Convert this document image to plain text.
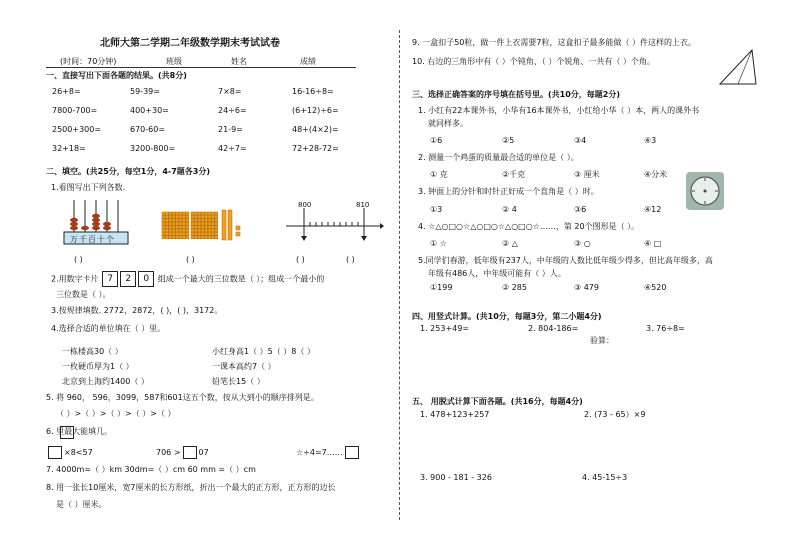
北师大第二学期二年级数学期末考试试卷
(时间：70分钟)	班级	姓名	成绩
一、直接写出下面各题的结果。(共8分)
26+8=	59-39=	7×8=	16-16÷8=
7800-700=	400+30=	24÷6=	(6+12)÷6=
2500+300=	670-60=	21-9=	48+(4×2)=
32+18=	3200-800=	42÷7=	72+28-72=
二、填空。(共25分，每空1分，4-7题各3分)
1.看图写出下列各数.
万千百十个
800	810
( )	( )	( )	( )
2.用数字卡片 7 2 0 组成一个最大的三位数是（ ）；组成一个最小的
三位数是（ ）。
3.按规律填数. 2772，2872，( )，( )，3172。
4.选择合适的单位填在（ ）里。
一栋楼高30（ ）	小红身高1（ ）5（ ）8（ ）
一枚硬币厚为1（ ）	一课本高约7（ ）
北京到上海约1400（ ）	铅笔长15（ ）
5. 将 960， 596，3099，587和601这五个数，按从大到小的顺序排列是。
（ ）>（ ）>（ ）>（ ）>（ ）
6. 里最大能填几。
×8<57	706 > 07	☆÷4=7……
7. 4000m=（ ）km 30dm=（ ）cm 60 mm =（ ）cm
8. 用一张长10厘米，宽7厘米的长方形纸，折出一个最大的正方形，正方形的边长
是（ ）厘米。
9. 一盒扣子50粒，做一件上衣需要7粒，这盒扣子最多能做（ ）件这样的上衣。
10. 右边的三角形中有（ ）个钝角、（ ）个锐角、一共有（ ）个角。
三、选择正确答案的序号填在括号里。(共10分，每题2分)
1. 小红有22本课外书，小华有16本课外书，小红给小华（ ）本，两人的课外书
就同样多。
①6	②5	③4	④3
2. 测量一个鸡蛋的质量最合适的单位是（ ）。
① 克	②千克	③ 厘米	④分米
3. 钟面上的分针和时针正好成一个直角是（ ）时。
①3	② 4	③6	④12
4. ☆△○□○☆△○□○☆△○□○☆……，第 20个图形是（ ）。
① ☆	② △	③ ○	④ □
5.同学们春游，低年级有237人，中年级的人数比低年级少得多，但比高年级多，高
年级有486人，中年级可能有（ ）人。
①199	② 285	③ 479	④520
四、用竖式计算。(共10分，每题3分，第二小题4分)
1. 253+49=	2. 804-186=	3. 76÷8=
验算：
五、 用脱式计算下面各题。(共16分，每题4分)
1. 478+123+257	2. (73 - 65）×9
3. 900 - 181 - 326	4. 45-15÷3
